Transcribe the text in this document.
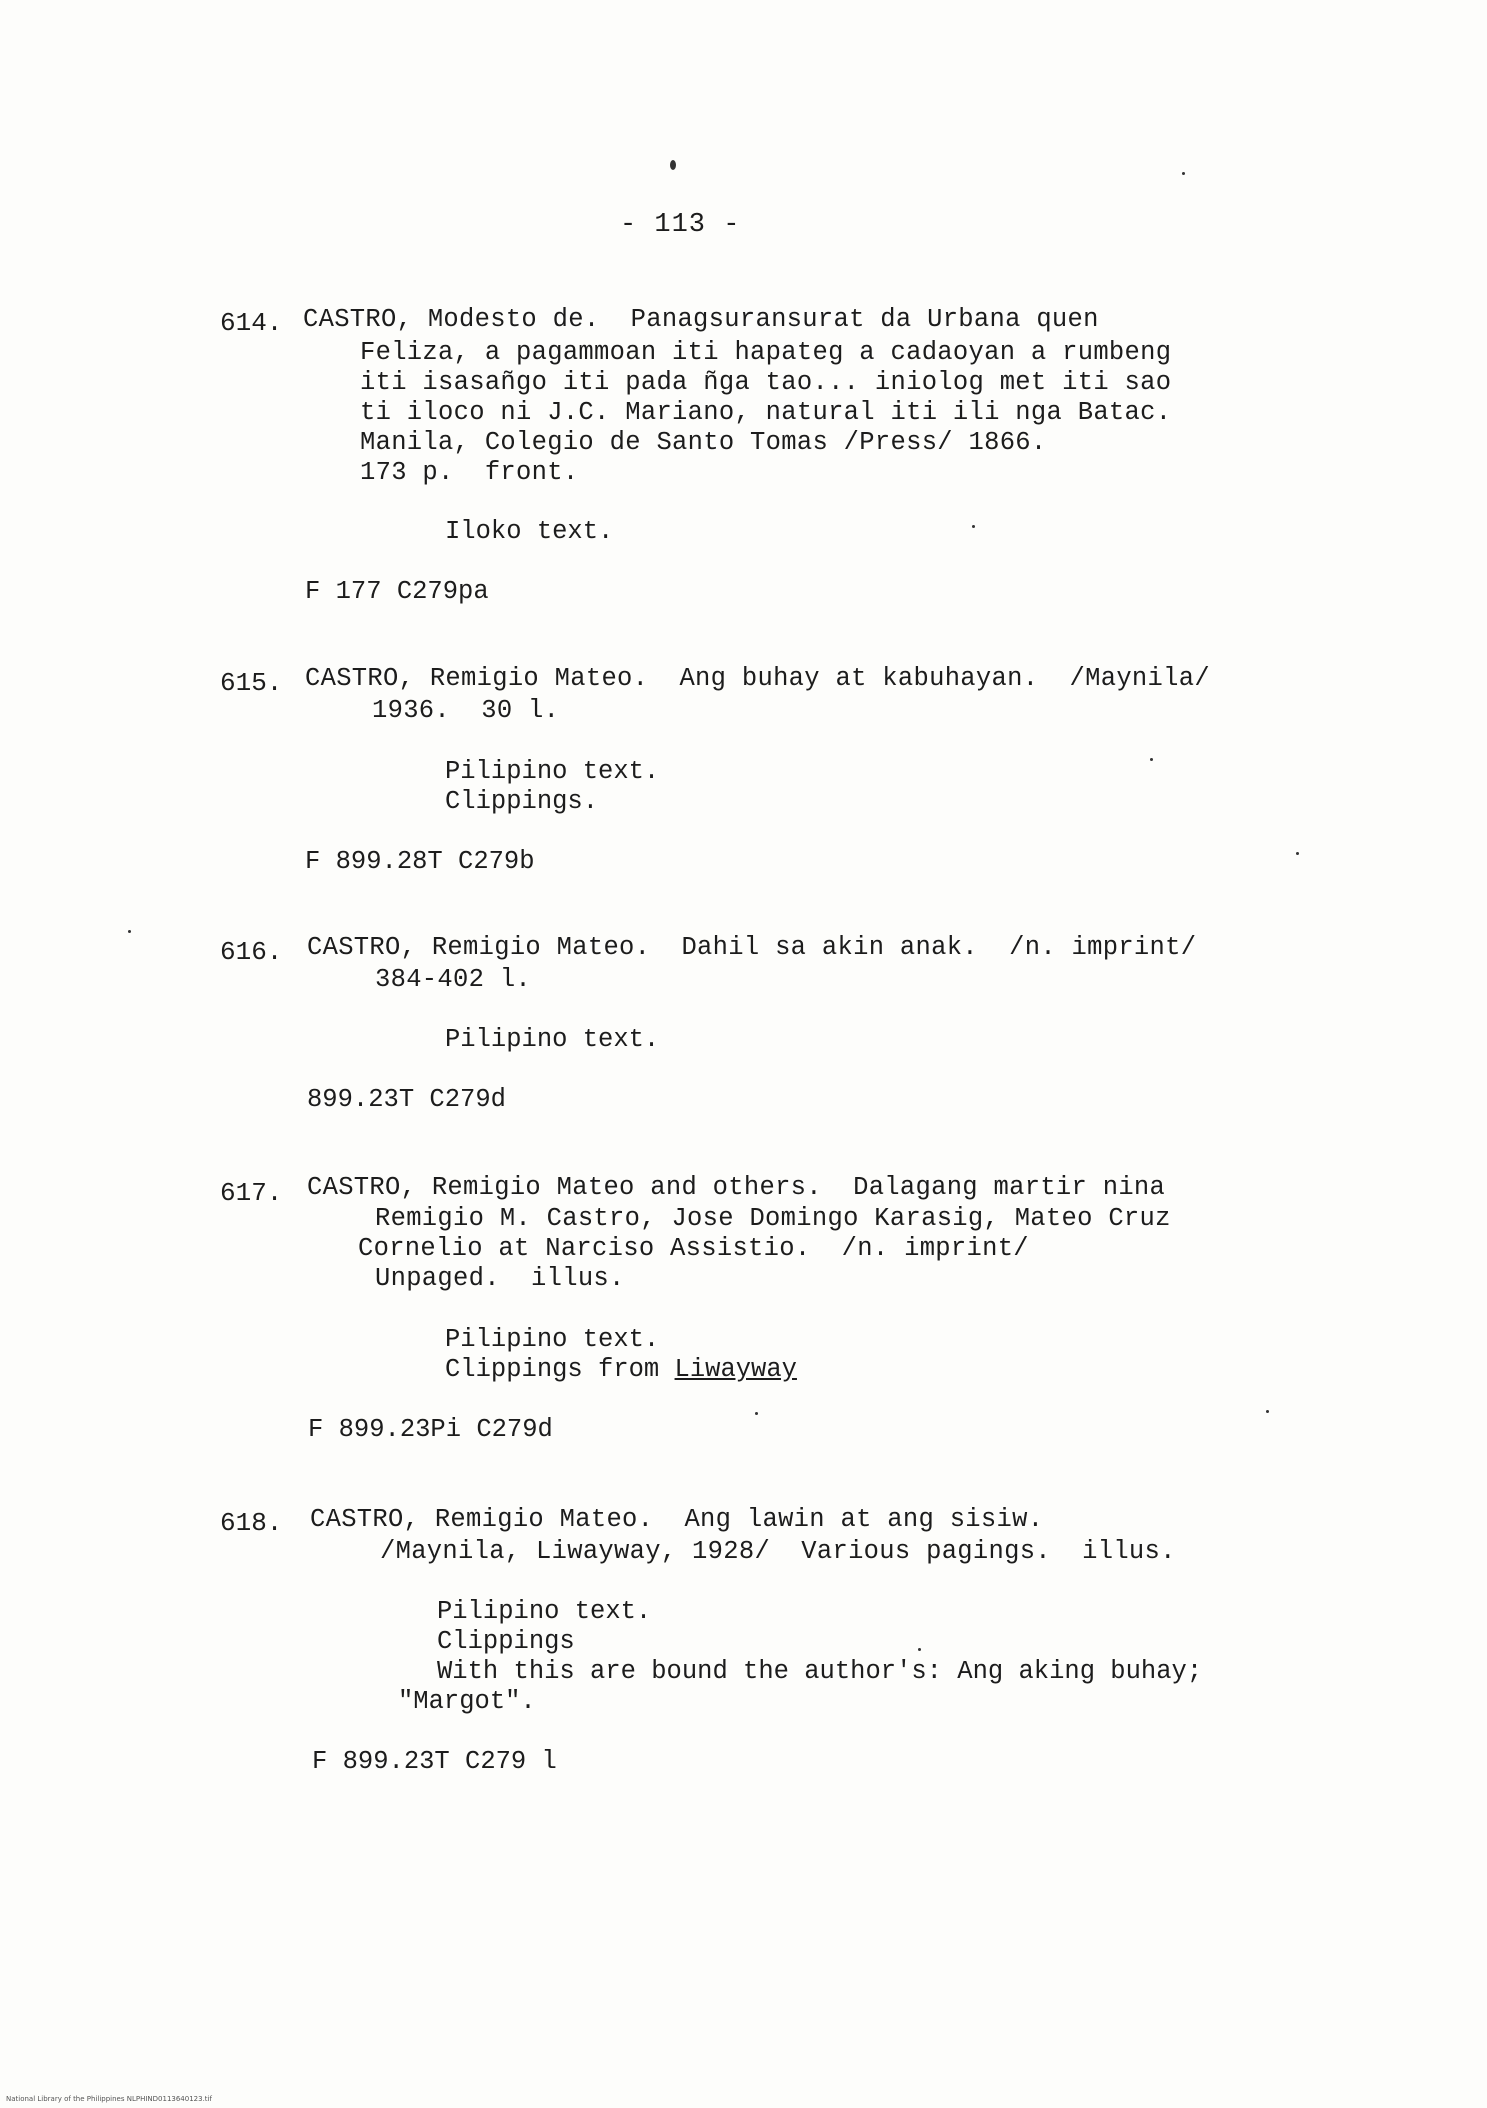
- 113 -
614. CASTRO, Modesto de.  Panagsuransurat da Urbana quen
Feliza, a pagammoan iti hapateg a cadaoyan a rumbeng
iti isasañgo iti pada ñga tao... iniolog met iti sao
ti iloco ni J.C. Mariano, natural iti ili nga Batac.
Manila, Colegio de Santo Tomas /Press/ 1866.
173 p.  front.
Iloko text.
F 177 C279pa
615. CASTRO, Remigio Mateo.  Ang buhay at kabuhayan.  /Maynila/
1936.  30 l.
Pilipino text.
Clippings.
F 899.28T C279b
616. CASTRO, Remigio Mateo.  Dahil sa akin anak.  /n. imprint/
384-402 l.
Pilipino text.
899.23T C279d
617. CASTRO, Remigio Mateo and others.  Dalagang martir nina
Remigio M. Castro, Jose Domingo Karasig, Mateo Cruz
Cornelio at Narciso Assistio.  /n. imprint/
Unpaged.  illus.
Pilipino text.
Clippings from Liwayway
F 899.23Pi C279d
618. CASTRO, Remigio Mateo.  Ang lawin at ang sisiw.
/Maynila, Liwayway, 1928/  Various pagings.  illus.
Pilipino text.
Clippings
With this are bound the author's: Ang aking buhay;
"Margot".
F 899.23T C279 l
National Library of the Philippines NLPHIND0113640123.tif
